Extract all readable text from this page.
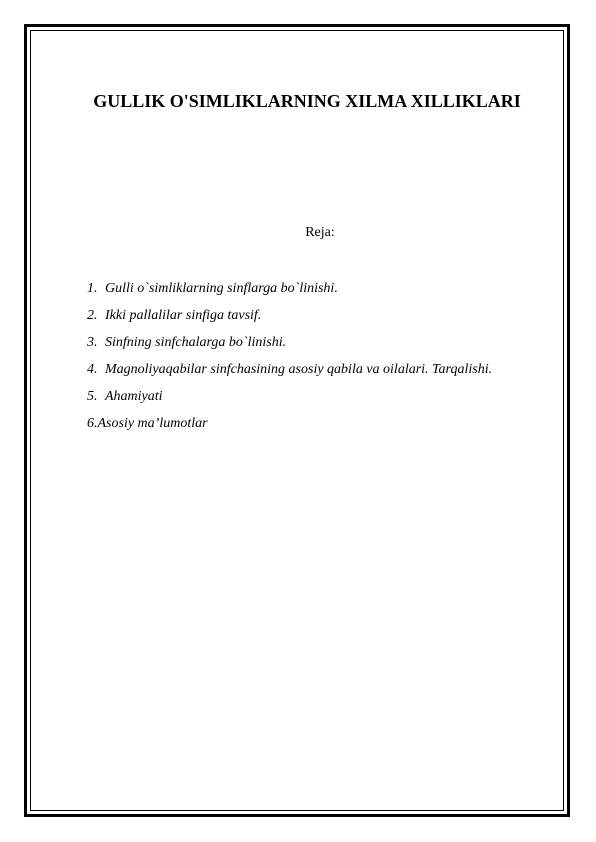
GULLIK O'SIMLIKLARNING XILMA XILLIKLARI
Reja:
1. Gulli o`simliklarning sinflarga bo`linishi.
2. Ikki pallalilar sinfiga tavsif.
3. Sinfning sinfchalarga bo`linishi.
4. Magnoliyaqabilar sinfchasining asosiy qabila va oilalari. Tarqalishi.
5. Ahamiyati
6.Asosiy ma’lumotlar
